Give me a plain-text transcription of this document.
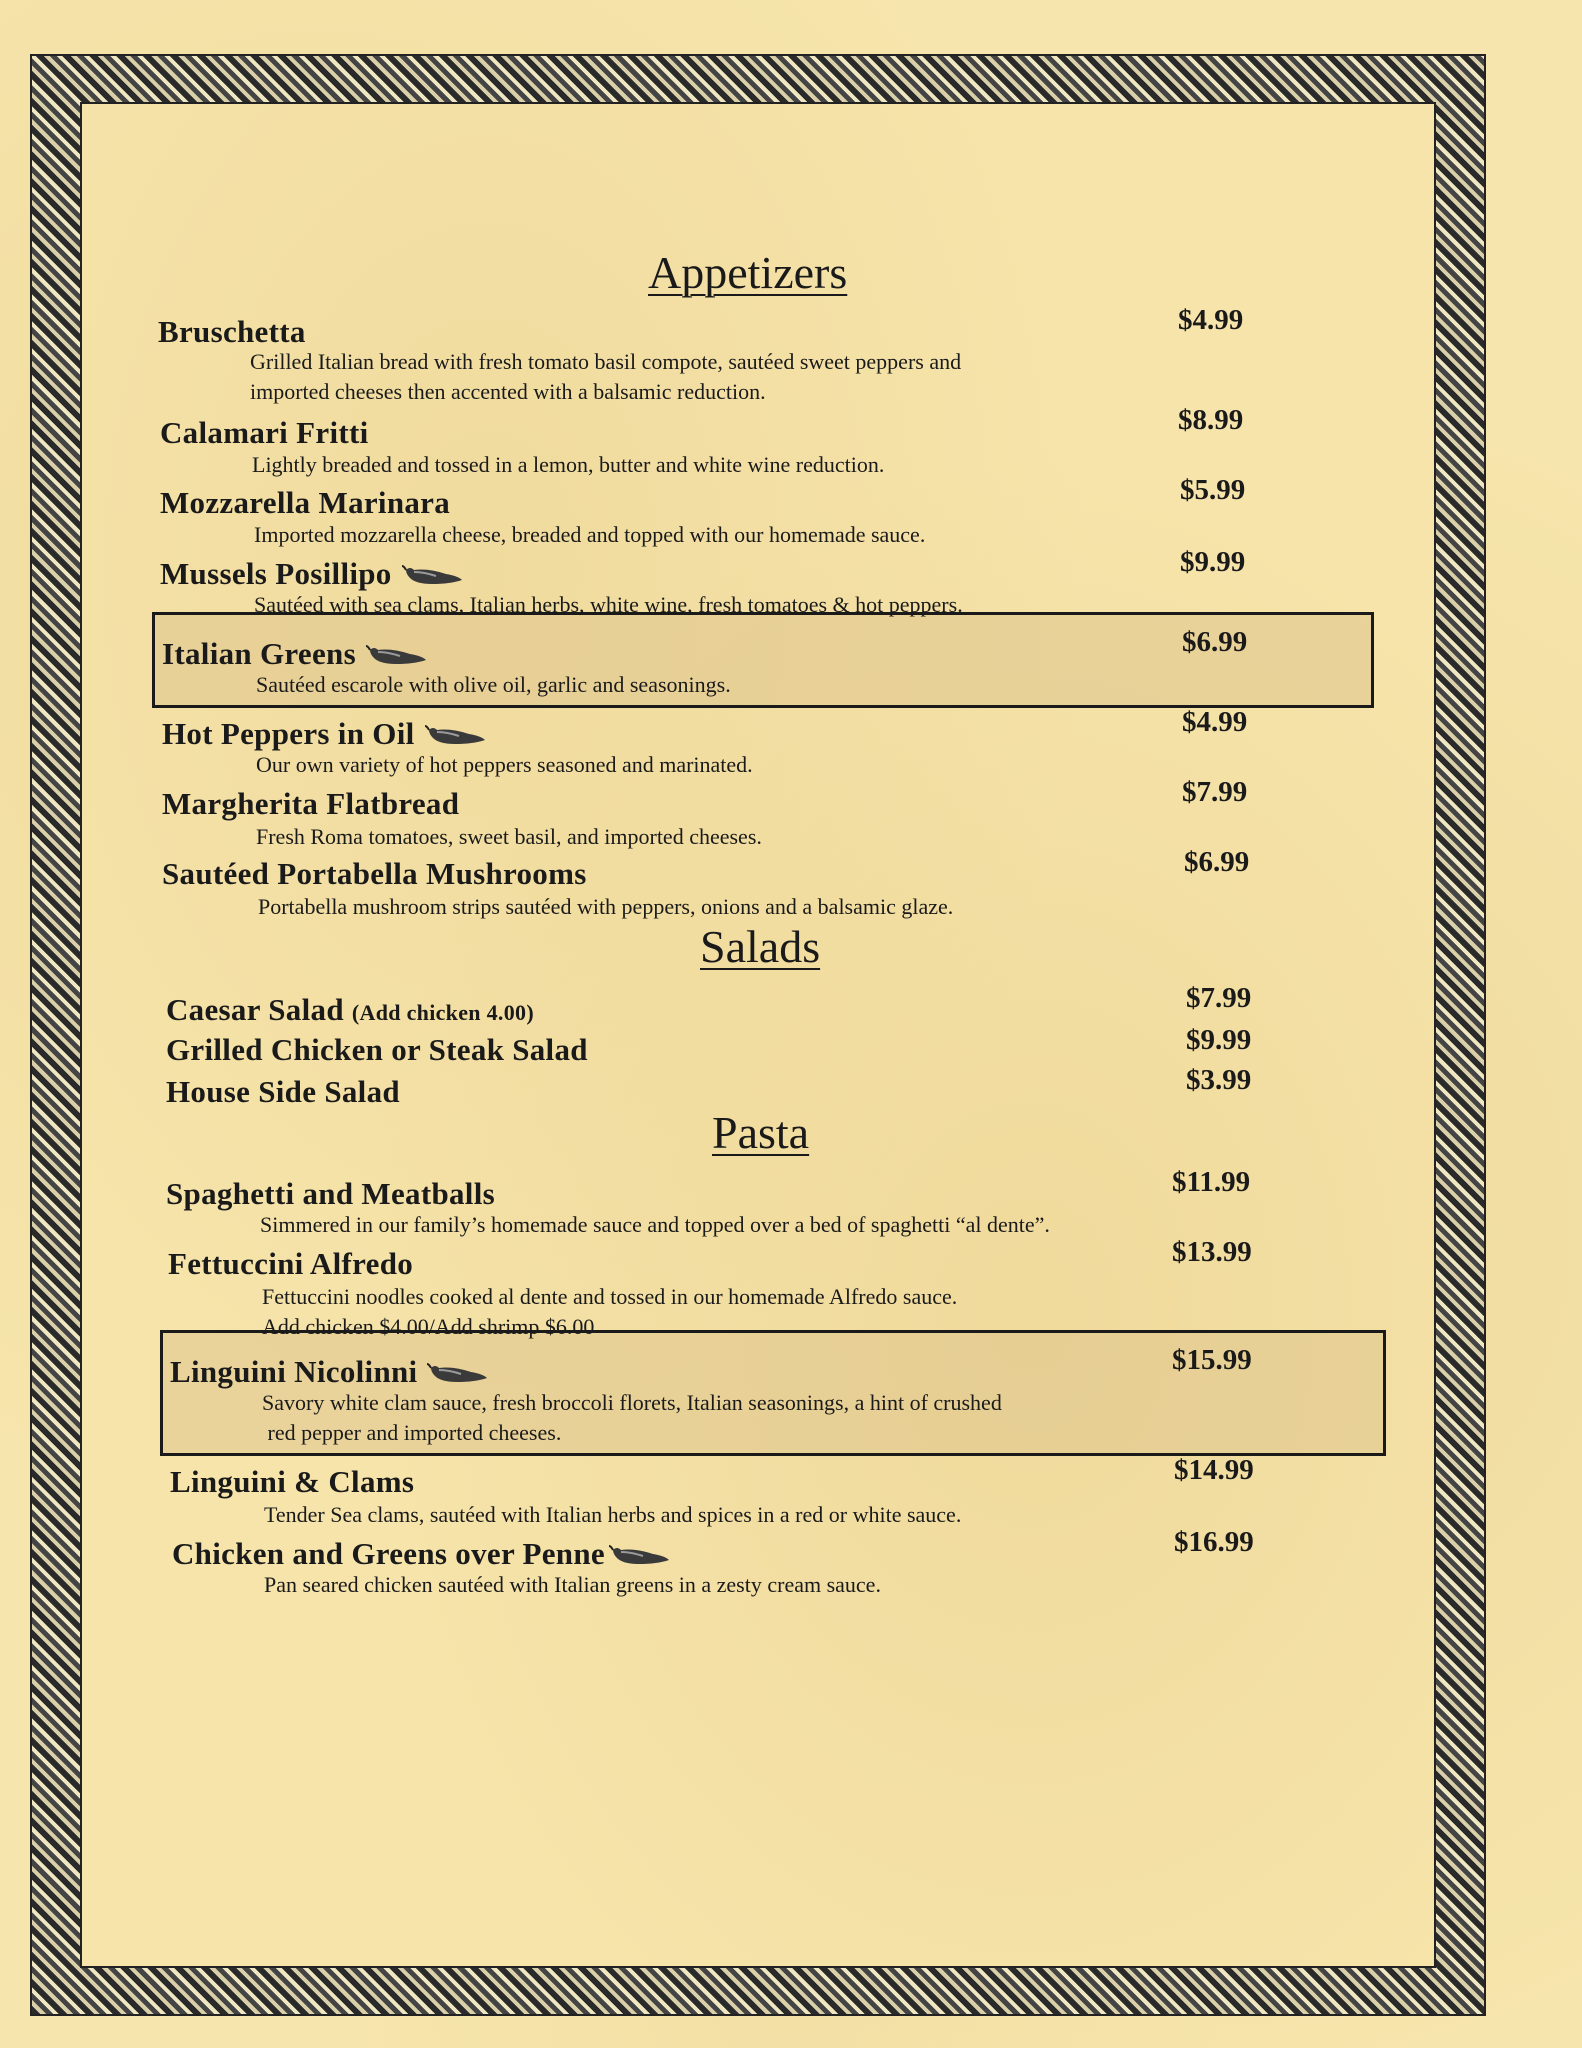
Appetizers
Bruschetta	$4.99
Grilled Italian bread with fresh tomato basil compote, sautéed sweet peppers and
imported cheeses then accented with a balsamic reduction.
Calamari Fritti	$8.99
Lightly breaded and tossed in a lemon, butter and white wine reduction.
Mozzarella Marinara	$5.99
Imported mozzarella cheese, breaded and topped with our homemade sauce.
Mussels Posillipo	$9.99
Sautéed with sea clams, Italian herbs, white wine, fresh tomatoes & hot peppers.
Italian Greens	$6.99
Sautéed escarole with olive oil, garlic and seasonings.
Hot Peppers in Oil	$4.99
Our own variety of hot peppers seasoned and marinated.
Margherita Flatbread	$7.99
Fresh Roma tomatoes, sweet basil, and imported cheeses.
Sautéed Portabella Mushrooms	$6.99
Portabella mushroom strips sautéed with peppers, onions and a balsamic glaze.
Salads
Caesar Salad (Add chicken 4.00)	$7.99
Grilled Chicken or Steak Salad	$9.99
House Side Salad	$3.99
Pasta
Spaghetti and Meatballs	$11.99
Simmered in our family’s homemade sauce and topped over a bed of spaghetti “al dente”.
Fettuccini Alfredo	$13.99
Fettuccini noodles cooked al dente and tossed in our homemade Alfredo sauce.
Add chicken $4.00/Add shrimp $6.00
Linguini Nicolinni	$15.99
Savory white clam sauce, fresh broccoli florets, Italian seasonings, a hint of crushed
red pepper and imported cheeses.
Linguini & Clams	$14.99
Tender Sea clams, sautéed with Italian herbs and spices in a red or white sauce.
Chicken and Greens over Penne	$16.99
Pan seared chicken sautéed with Italian greens in a zesty cream sauce.
